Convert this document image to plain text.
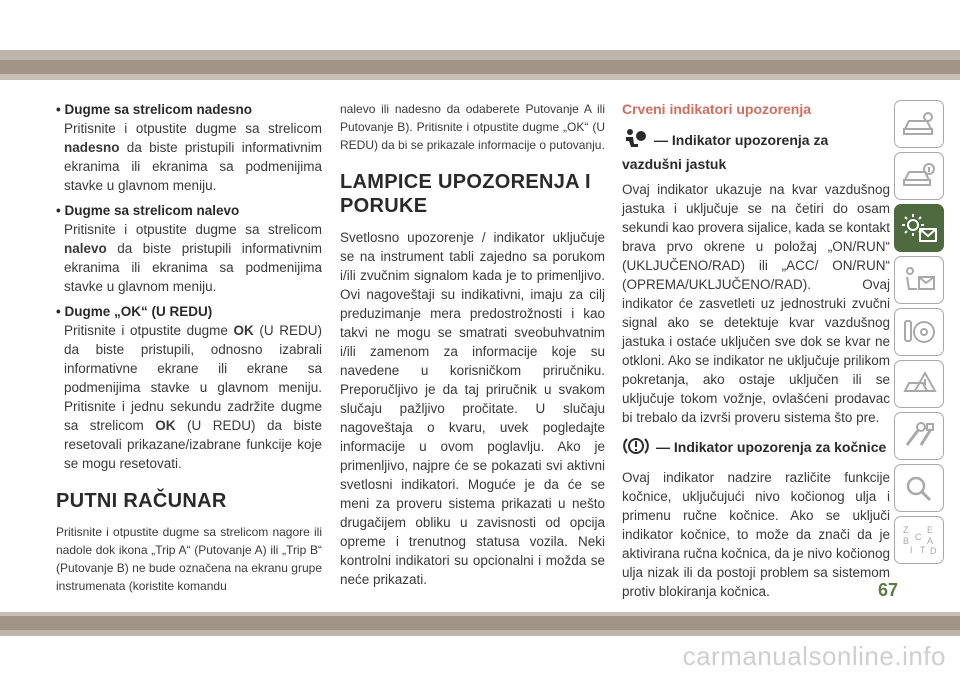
• Dugme sa strelicom nadesno
Pritisnite i otpustite dugme sa strelicom nadesno da biste pristupili informativnim ekranima ili ekranima sa podmenijima stavke u glavnom meniju.
• Dugme sa strelicom nalevo
Pritisnite i otpustite dugme sa strelicom nalevo da biste pristupili informativnim ekranima ili ekranima sa podmenijima stavke u glavnom meniju.
• Dugme „OK“ (U REDU)
Pritisnite i otpustite dugme OK (U REDU) da biste pristupili, odnosno izabrali informativne ekrane ili ekrane sa podmenijima stavke u glavnom meniju. Pritisnite i jednu sekundu zadržite dugme sa strelicom OK (U REDU) da biste resetovali prikazane/izabrane funkcije koje se mogu resetovati.
PUTNI RAČUNAR
Pritisnite i otpustite dugme sa strelicom nagore ili nadole dok ikona „Trip A“ (Putovanje A) ili „Trip B“ (Putovanje B) ne bude označena na ekranu grupe instrumenata (koristite komandu
nalevo ili nadesno da odaberete Putovanje A ili Putovanje B). Pritisnite i otpustite dugme „OK“ (U REDU) da bi se prikazale informacije o putovanju.
LAMPICE UPOZORENJA I PORUKE
Svetlosno upozorenje / indikator uključuje se na instrument tabli zajedno sa porukom i/ili zvučnim signalom kada je to primenljivo. Ovi nagoveštaji su indikativni, imaju za cilj preduzimanje mera predostrožnosti i kao takvi ne mogu se smatrati sveobuhvatnim i/ili zamenom za informacije koje su navedene u korisničkom priručniku. Preporučljivo je da taj priručnik u svakom slučaju pažljivo pročitate. U slučaju nagoveštaja o kvaru, uvek pogledajte informacije u ovom poglavlju. Ako je primenljivo, najpre će se pokazati svi aktivni svetlosni indikatori. Moguće je da će se meni za proveru sistema prikazati u nešto drugačijem obliku u zavisnosti od opcija opreme i trenutnog statusa vozila. Neki kontrolni indikatori su opcionalni i možda se neće prikazati.
Crveni indikatori upozorenja
— Indikator upozorenja za vazdušni jastuk
Ovaj indikator ukazuje na kvar vazdušnog jastuka i uključuje se na četiri do osam sekundi kao provera sijalice, kada se kontakt brava prvo okrene u položaj „ON/RUN“ (UKLJUČENO/RAD) ili „ACC/ ON/RUN“ (OPREMA/UKLJUČENO/RAD). Ovaj indikator će zasvetleti uz jednostruki zvučni signal ako se detektuje kvar vazdušnog jastuka i ostaće uključen sve dok se kvar ne otkloni. Ako se indikator ne uključuje prilikom pokretanja, ako ostaje uključen ili se uključuje tokom vožnje, ovlašćeni prodavac bi trebalo da izvrši proveru sistema što pre.
— Indikator upozorenja za kočnice
Ovaj indikator nadzire različite funkcije kočnice, uključujući nivo kočionog ulja i primenu ručne kočnice. Ako se uključi indikator kočnice, to može da znači da je aktivirana ručna kočnica, da je nivo kočionog ulja nizak ili da postoji problem sa sistemom protiv blokiranja kočnica.
Z
B
E
A
I
C
T D
67
carmanualsonline.info
